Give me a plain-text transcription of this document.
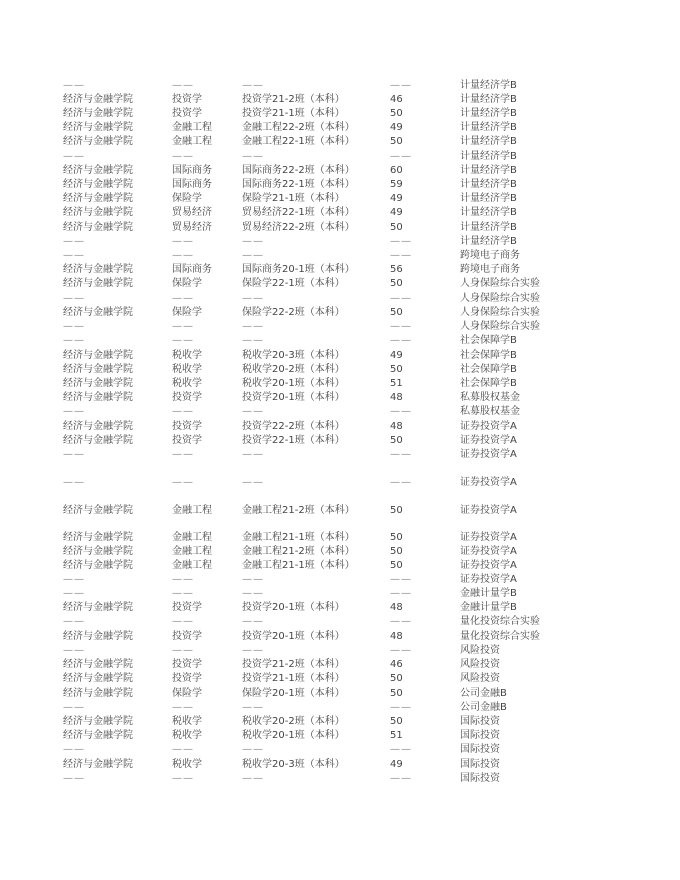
——	——	——	——	计量经济学B
经济与金融学院	投资学	投资学21-2班（本科）	46	计量经济学B
经济与金融学院	投资学	投资学21-1班（本科）	50	计量经济学B
经济与金融学院	金融工程	金融工程22-2班（本科）	49	计量经济学B
经济与金融学院	金融工程	金融工程22-1班（本科）	50	计量经济学B
——	——	——	——	计量经济学B
经济与金融学院	国际商务	国际商务22-2班（本科）	60	计量经济学B
经济与金融学院	国际商务	国际商务22-1班（本科）	59	计量经济学B
经济与金融学院	保险学	保险学21-1班（本科）	49	计量经济学B
经济与金融学院	贸易经济	贸易经济22-1班（本科）	49	计量经济学B
经济与金融学院	贸易经济	贸易经济22-2班（本科）	50	计量经济学B
——	——	——	——	计量经济学B
——	——	——	——	跨境电子商务
经济与金融学院	国际商务	国际商务20-1班（本科）	56	跨境电子商务
经济与金融学院	保险学	保险学22-1班（本科）	50	人身保险综合实验
——	——	——	——	人身保险综合实验
经济与金融学院	保险学	保险学22-2班（本科）	50	人身保险综合实验
——	——	——	——	人身保险综合实验
——	——	——	——	社会保障学B
经济与金融学院	税收学	税收学20-3班（本科）	49	社会保障学B
经济与金融学院	税收学	税收学20-2班（本科）	50	社会保障学B
经济与金融学院	税收学	税收学20-1班（本科）	51	社会保障学B
经济与金融学院	投资学	投资学20-1班（本科）	48	私募股权基金
——	——	——	——	私募股权基金
经济与金融学院	投资学	投资学22-2班（本科）	48	证券投资学A
经济与金融学院	投资学	投资学22-1班（本科）	50	证券投资学A
——	——	——	——	证券投资学A
——	——	——	——	证券投资学A
经济与金融学院	金融工程	金融工程21-2班（本科）	50	证券投资学A
经济与金融学院	金融工程	金融工程21-1班（本科）	50	证券投资学A
经济与金融学院	金融工程	金融工程21-2班（本科）	50	证券投资学A
经济与金融学院	金融工程	金融工程21-1班（本科）	50	证券投资学A
——	——	——	——	证券投资学A
——	——	——	——	金融计量学B
经济与金融学院	投资学	投资学20-1班（本科）	48	金融计量学B
——	——	——	——	量化投资综合实验
经济与金融学院	投资学	投资学20-1班（本科）	48	量化投资综合实验
——	——	——	——	风险投资
经济与金融学院	投资学	投资学21-2班（本科）	46	风险投资
经济与金融学院	投资学	投资学21-1班（本科）	50	风险投资
经济与金融学院	保险学	保险学20-1班（本科）	50	公司金融B
——	——	——	——	公司金融B
经济与金融学院	税收学	税收学20-2班（本科）	50	国际投资
经济与金融学院	税收学	税收学20-1班（本科）	51	国际投资
——	——	——	——	国际投资
经济与金融学院	税收学	税收学20-3班（本科）	49	国际投资
——	——	——	——	国际投资
